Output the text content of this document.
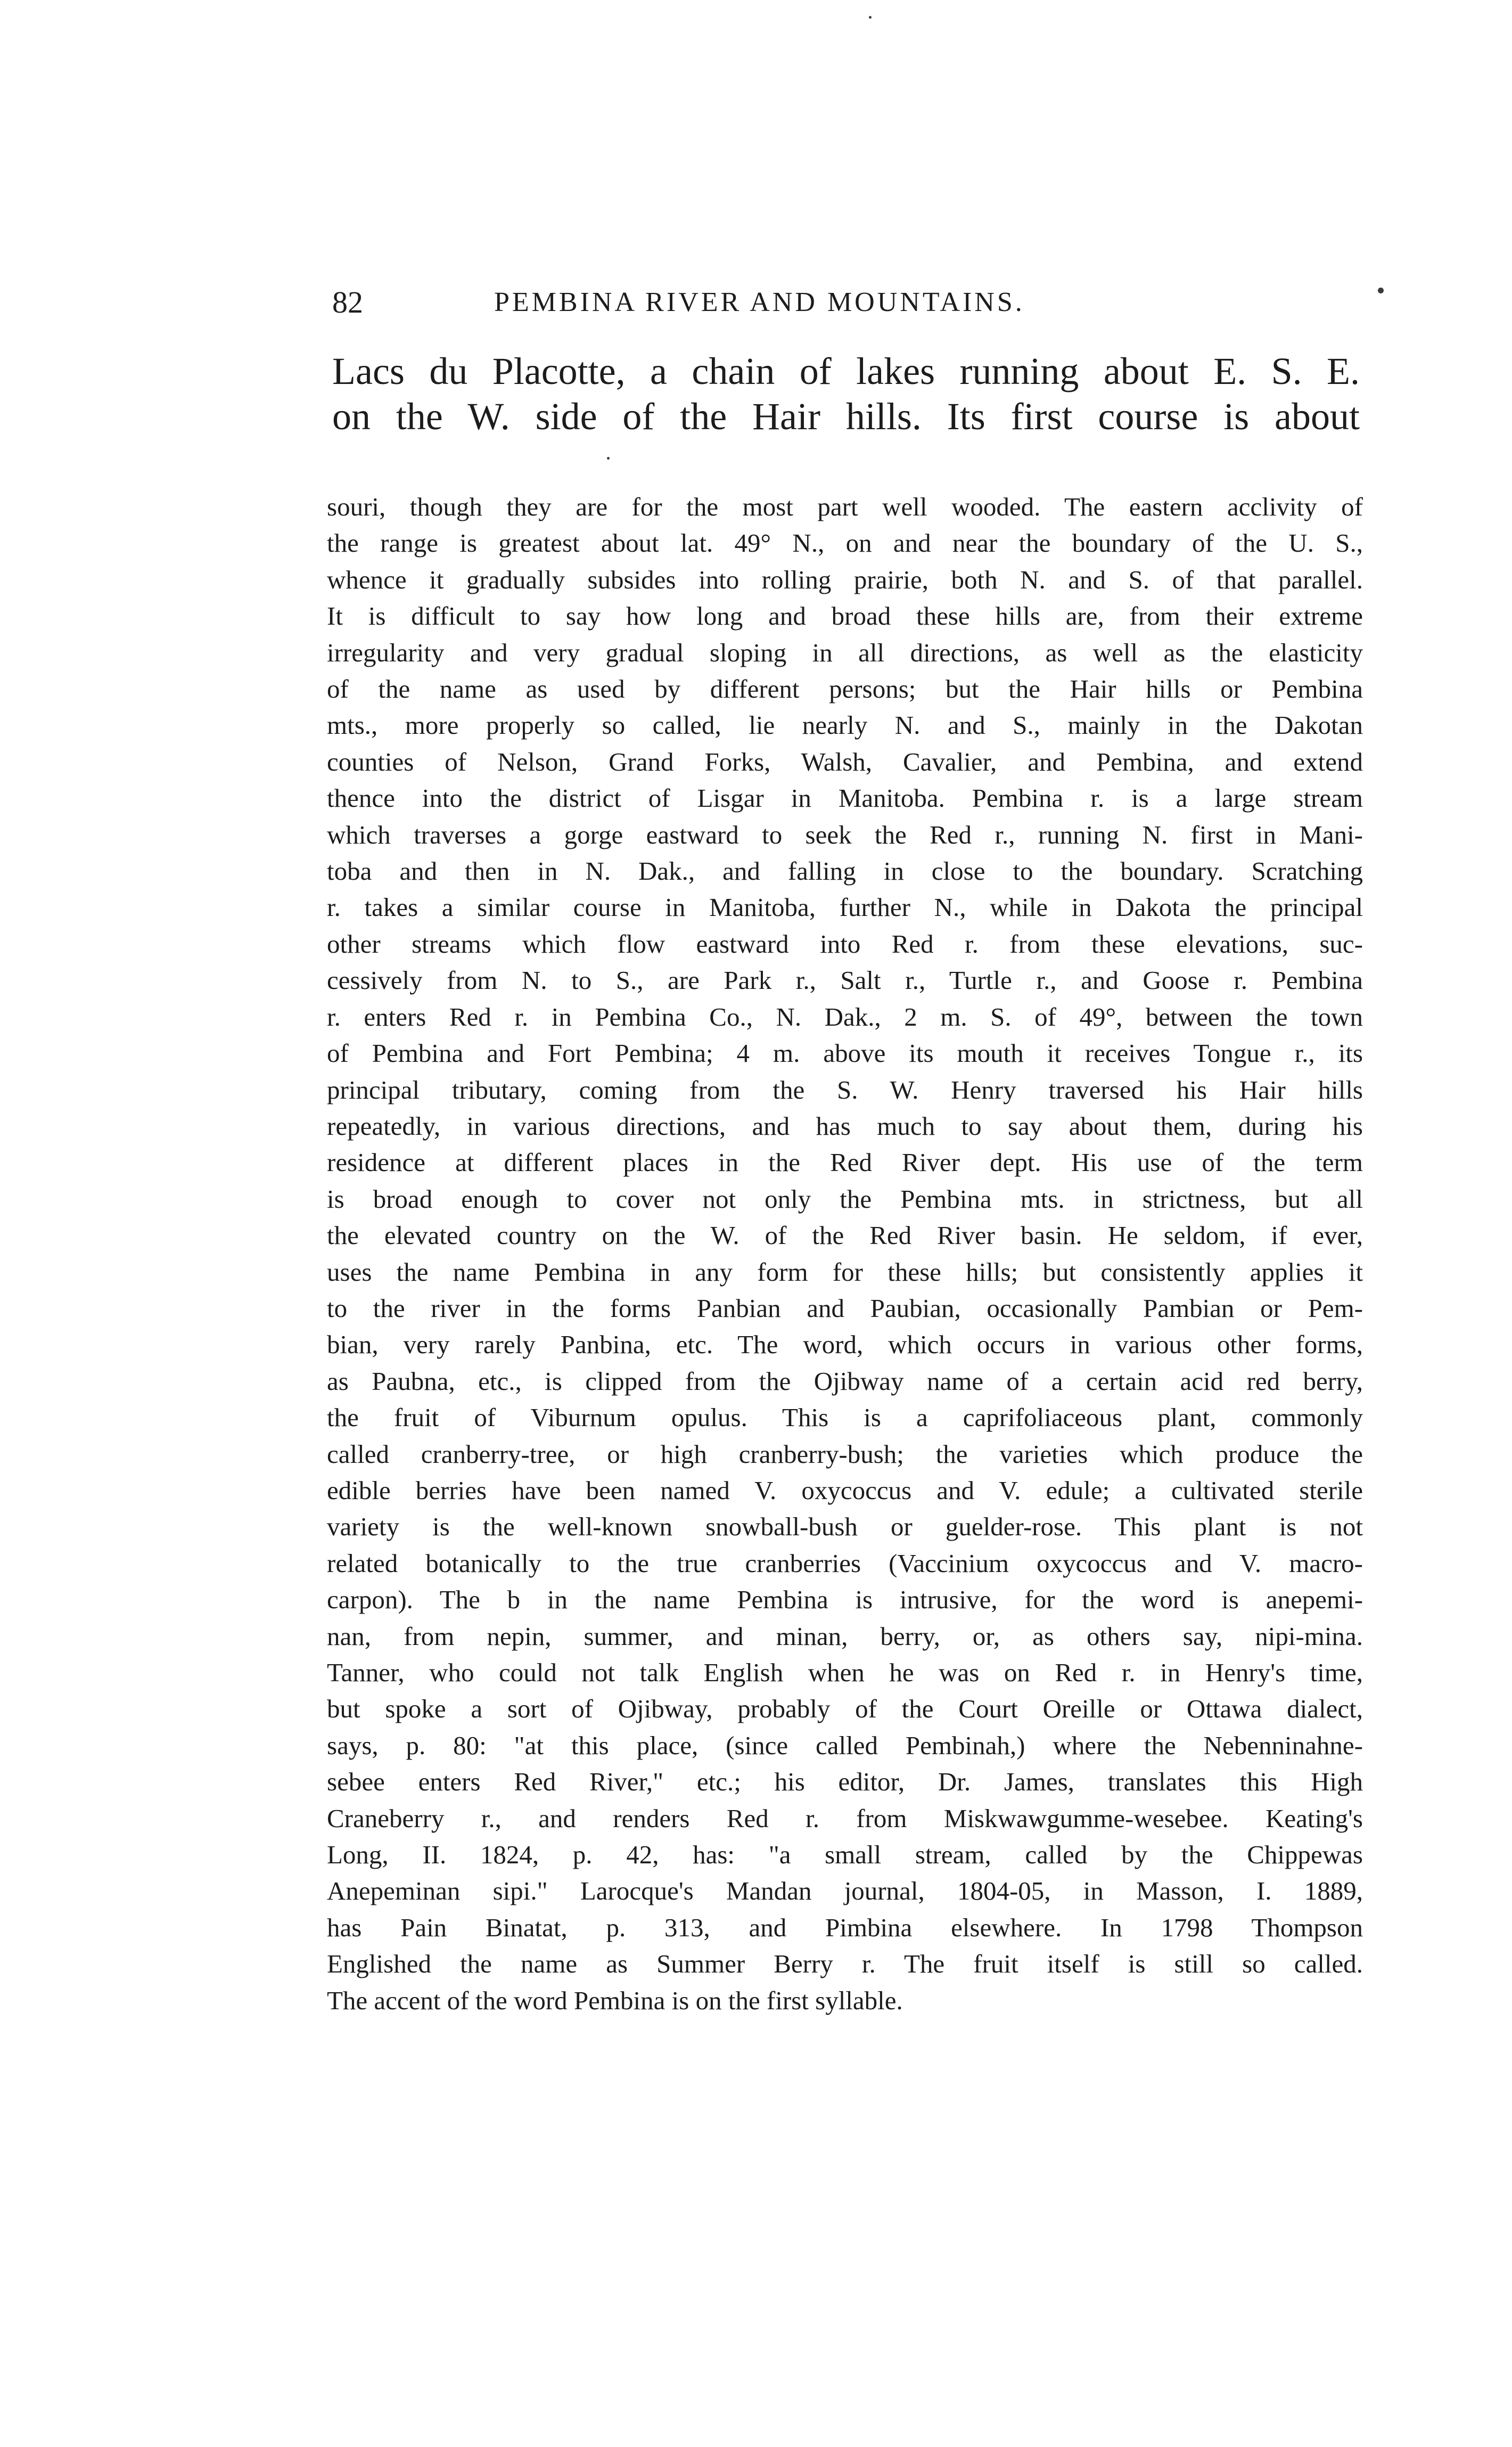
82	PEMBINA RIVER AND MOUNTAINS.
Lacs du Placotte, a chain of lakes running about E. S. E.
on the W. side of the Hair hills. Its first course is about
souri, though they are for the most part well wooded. The eastern acclivity of
the range is greatest about lat. 49° N., on and near the boundary of the U. S.,
whence it gradually subsides into rolling prairie, both N. and S. of that parallel.
It is difficult to say how long and broad these hills are, from their extreme
irregularity and very gradual sloping in all directions, as well as the elasticity
of the name as used by different persons; but the Hair hills or Pembina
mts., more properly so called, lie nearly N. and S., mainly in the Dakotan
counties of Nelson, Grand Forks, Walsh, Cavalier, and Pembina, and extend
thence into the district of Lisgar in Manitoba. Pembina r. is a large stream
which traverses a gorge eastward to seek the Red r., running N. first in Mani-
toba and then in N. Dak., and falling in close to the boundary. Scratching
r. takes a similar course in Manitoba, further N., while in Dakota the principal
other streams which flow eastward into Red r. from these elevations, suc-
cessively from N. to S., are Park r., Salt r., Turtle r., and Goose r. Pembina
r. enters Red r. in Pembina Co., N. Dak., 2 m. S. of 49°, between the town
of Pembina and Fort Pembina; 4 m. above its mouth it receives Tongue r., its
principal tributary, coming from the S. W. Henry traversed his Hair hills
repeatedly, in various directions, and has much to say about them, during his
residence at different places in the Red River dept. His use of the term
is broad enough to cover not only the Pembina mts. in strictness, but all
the elevated country on the W. of the Red River basin. He seldom, if ever,
uses the name Pembina in any form for these hills; but consistently applies it
to the river in the forms Panbian and Paubian, occasionally Pambian or Pem-
bian, very rarely Panbina, etc. The word, which occurs in various other forms,
as Paubna, etc., is clipped from the Ojibway name of a certain acid red berry,
the fruit of Viburnum opulus. This is a caprifoliaceous plant, commonly
called cranberry-tree, or high cranberry-bush; the varieties which produce the
edible berries have been named V. oxycoccus and V. edule; a cultivated sterile
variety is the well-known snowball-bush or guelder-rose. This plant is not
related botanically to the true cranberries (Vaccinium oxycoccus and V. macro-
carpon). The b in the name Pembina is intrusive, for the word is anepemi-
nan, from nepin, summer, and minan, berry, or, as others say, nipi-mina.
Tanner, who could not talk English when he was on Red r. in Henry's time,
but spoke a sort of Ojibway, probably of the Court Oreille or Ottawa dialect,
says, p. 80: "at this place, (since called Pembinah,) where the Nebenninahne-
sebee enters Red River," etc.; his editor, Dr. James, translates this High
Craneberry r., and renders Red r. from Miskwawgumme-wesebee. Keating's
Long, II. 1824, p. 42, has: "a small stream, called by the Chippewas
Anepeminan sipi." Larocque's Mandan journal, 1804-05, in Masson, I. 1889,
has Pain Binatat, p. 313, and Pimbina elsewhere. In 1798 Thompson
Englished the name as Summer Berry r. The fruit itself is still so called.
The accent of the word Pembina is on the first syllable.
